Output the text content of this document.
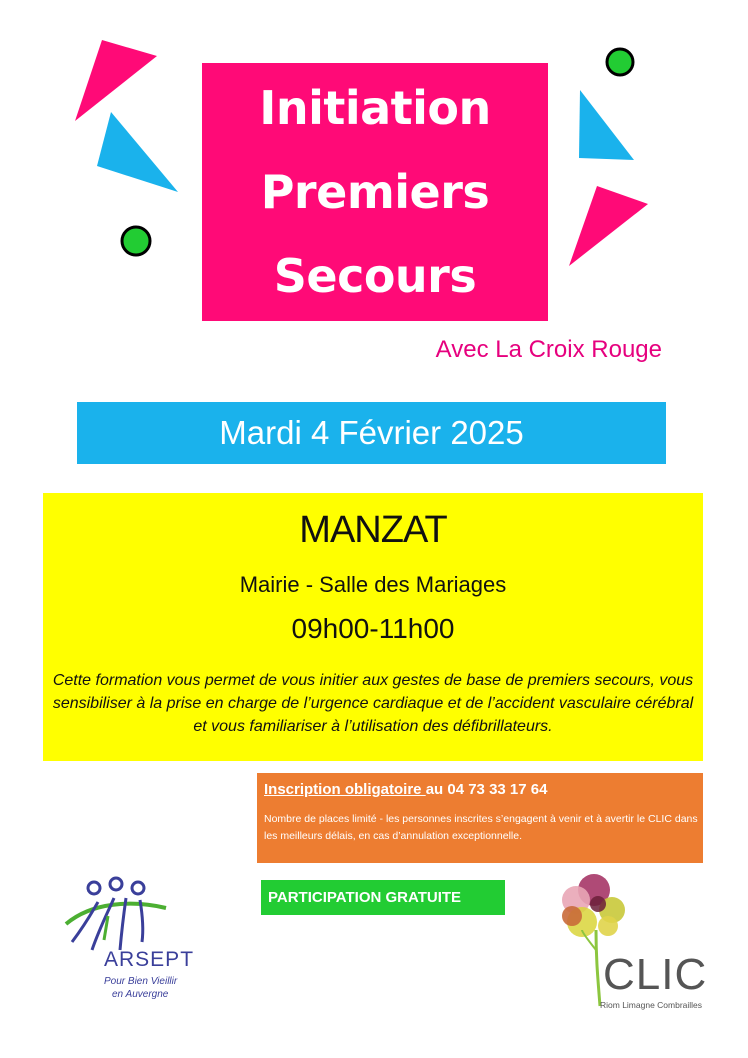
Initiation
Premiers
Secours
Avec La Croix Rouge
Mardi 4 Février 2025
MANZAT
Mairie - Salle des Mariages
09h00-11h00
Cette formation vous permet de vous initier aux gestes de base de premiers secours, vous sensibiliser à la prise en charge de l’urgence cardiaque et de l’accident vasculaire cérébral et vous familiariser à l’utilisation des défibrillateurs.
Inscription obligatoire au 04 73 33 17 64
Nombre de places limité - les personnes inscrites s’engagent à venir et à avertir le CLIC dans les meilleurs délais, en cas d’annulation exceptionnelle.
PARTICIPATION GRATUITE
ARSEPT
Pour Bien Vieillir
en Auvergne	CLIC
Riom Limagne Combrailles
